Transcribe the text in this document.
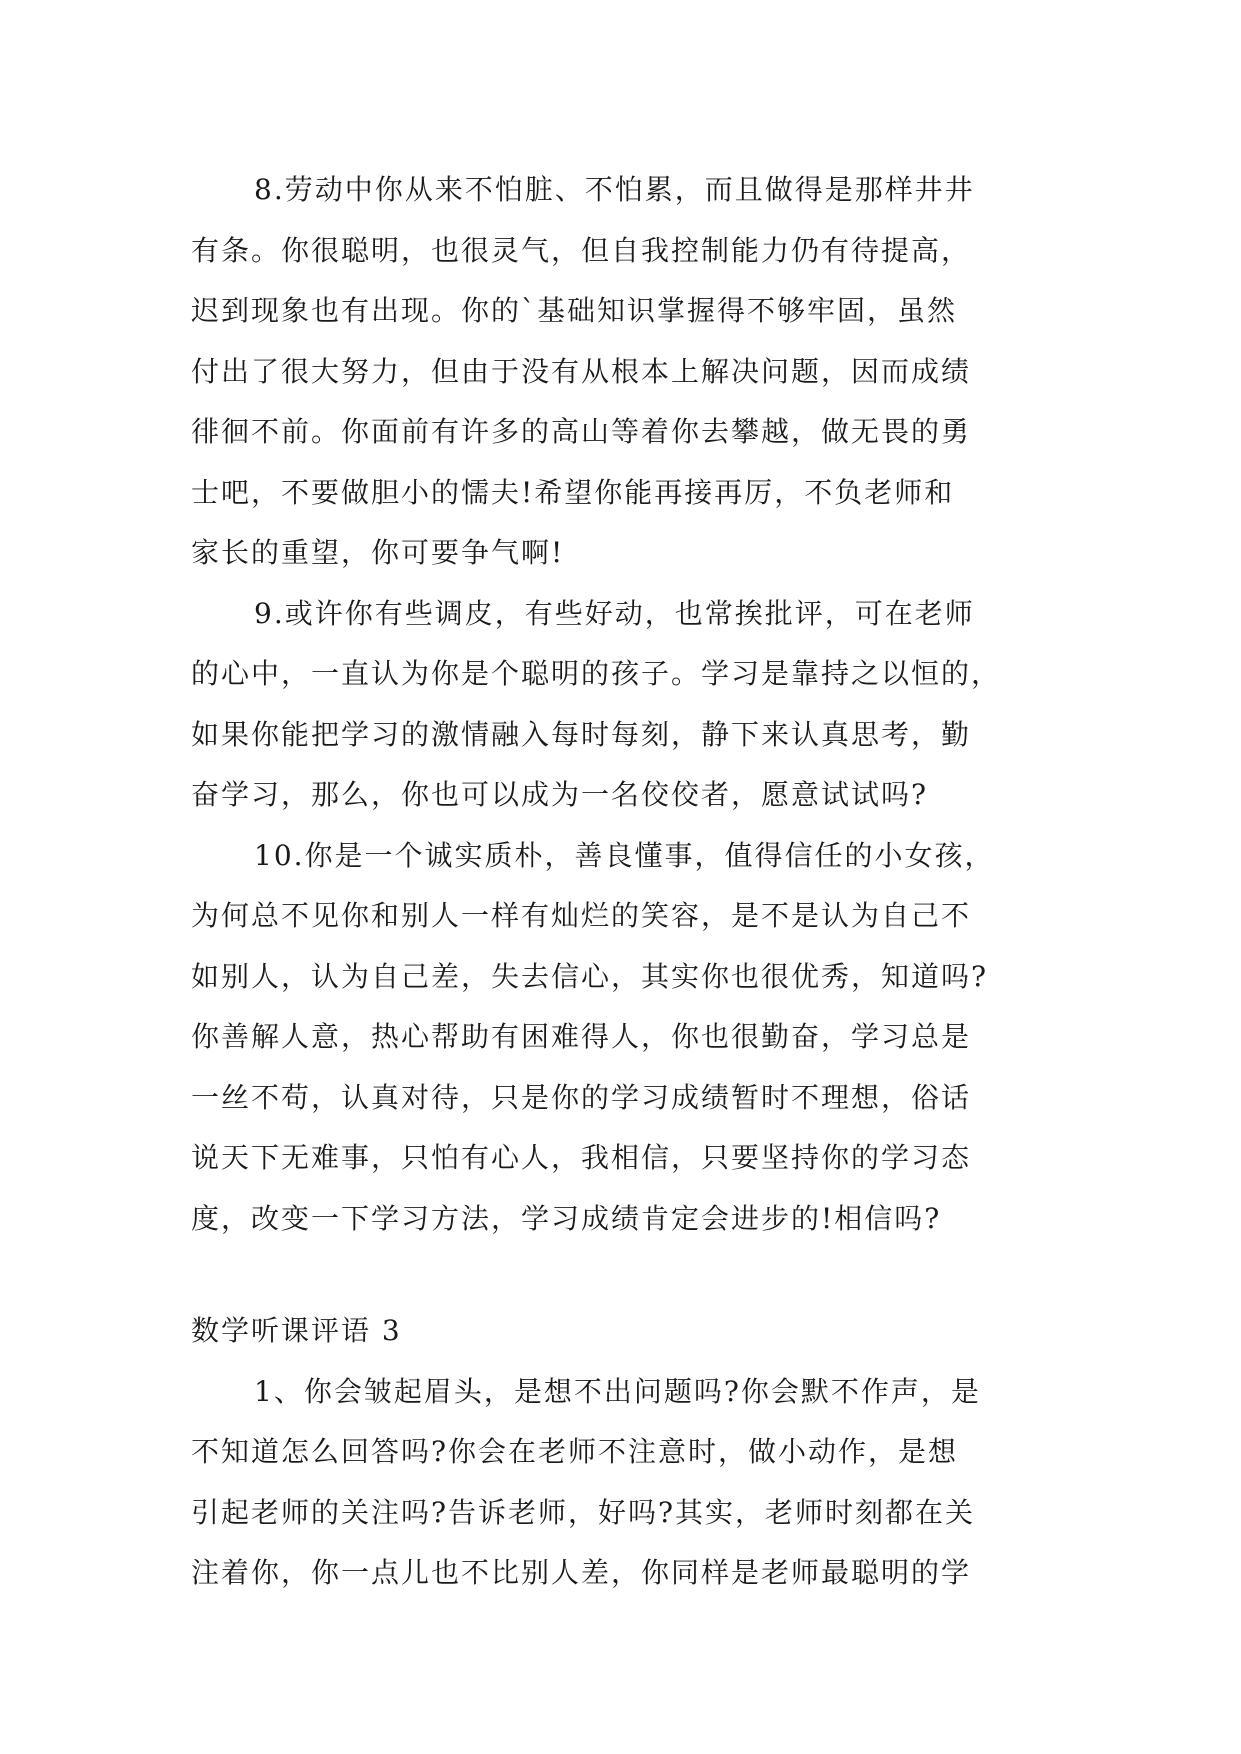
8.劳动中你从来不怕脏、不怕累，而且做得是那样井井
有条。你很聪明，也很灵气，但自我控制能力仍有待提高，
迟到现象也有出现。你的`基础知识掌握得不够牢固，虽然
付出了很大努力，但由于没有从根本上解决问题，因而成绩
徘徊不前。你面前有许多的高山等着你去攀越，做无畏的勇
士吧，不要做胆小的懦夫!希望你能再接再厉，不负老师和
家长的重望，你可要争气啊!
9.或许你有些调皮，有些好动，也常挨批评，可在老师
的心中，一直认为你是个聪明的孩子。学习是靠持之以恒的，
如果你能把学习的激情融入每时每刻，静下来认真思考，勤
奋学习，那么，你也可以成为一名佼佼者，愿意试试吗?
10.你是一个诚实质朴，善良懂事，值得信任的小女孩，
为何总不见你和别人一样有灿烂的笑容，是不是认为自己不
如别人，认为自己差，失去信心，其实你也很优秀，知道吗?
你善解人意，热心帮助有困难得人，你也很勤奋，学习总是
一丝不苟，认真对待，只是你的学习成绩暂时不理想，俗话
说天下无难事，只怕有心人，我相信，只要坚持你的学习态
度，改变一下学习方法，学习成绩肯定会进步的!相信吗?
数学听课评语 3
1、你会皱起眉头，是想不出问题吗?你会默不作声，是
不知道怎么回答吗?你会在老师不注意时，做小动作，是想
引起老师的关注吗?告诉老师，好吗?其实，老师时刻都在关
注着你，你一点儿也不比别人差，你同样是老师最聪明的学
